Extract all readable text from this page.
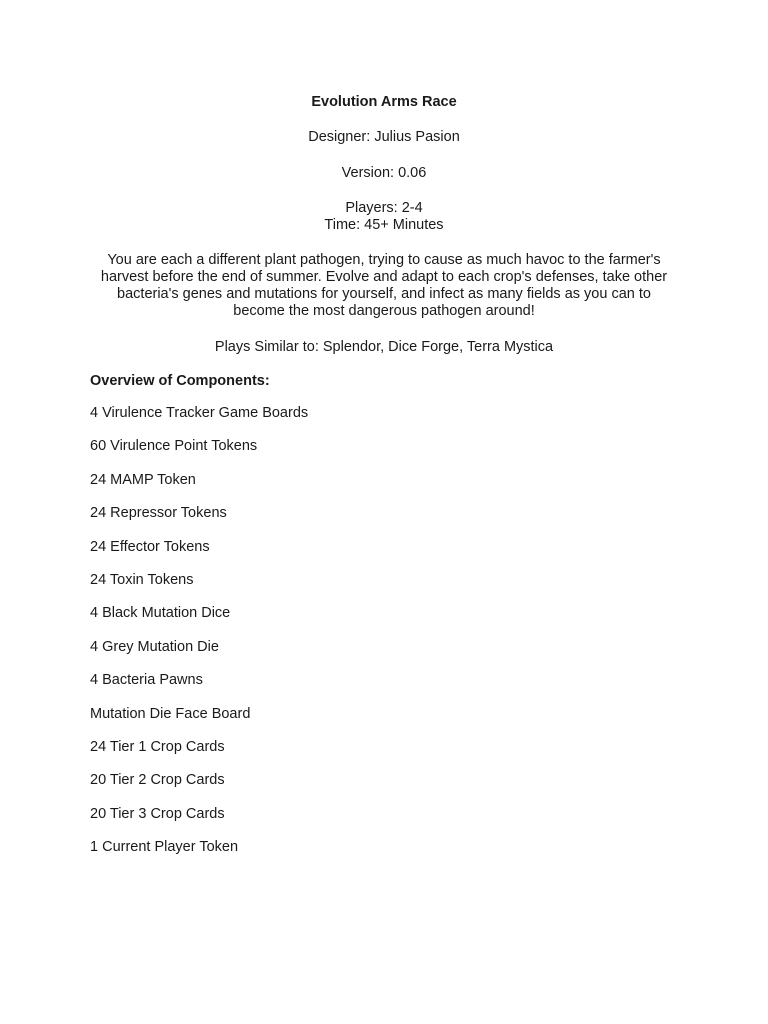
Evolution Arms Race

Designer: Julius Pasion

Version: 0.06

Players: 2-4
Time: 45+ Minutes

You are each a different plant pathogen, trying to cause as much havoc to the farmer's harvest before the end of summer. Evolve and adapt to each crop's defenses, take other bacteria's genes and mutations for yourself, and infect as many fields as you can to become the most dangerous pathogen around!

Plays Similar to: Splendor, Dice Forge, Terra Mystica

Overview of Components:

4 Virulence Tracker Game Boards
60 Virulence Point Tokens
24 MAMP Token
24 Repressor Tokens
24 Effector Tokens
24 Toxin Tokens
4 Black Mutation Dice
4 Grey Mutation Die
4 Bacteria Pawns
Mutation Die Face Board
24 Tier 1 Crop Cards
20 Tier 2 Crop Cards
20 Tier 3 Crop Cards
1 Current Player Token
